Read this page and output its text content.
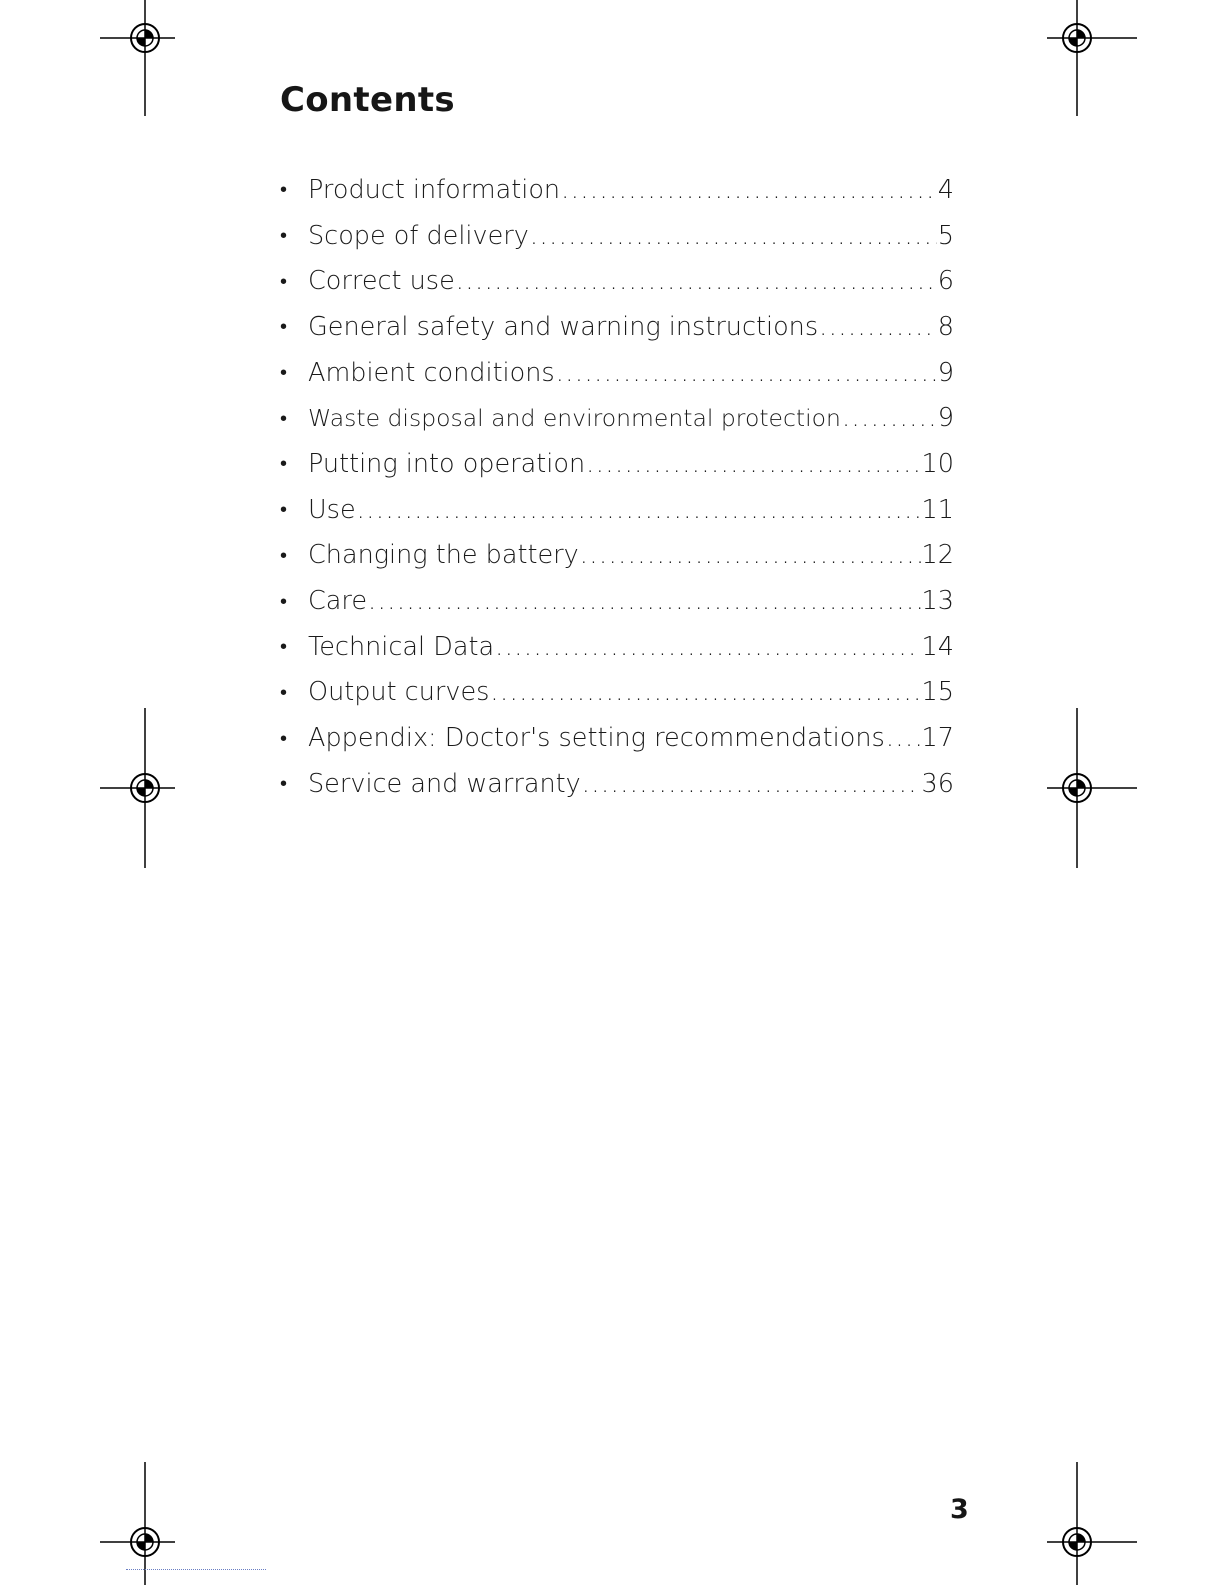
Contents
• Product information .....	4
• Scope of delivery .....	5
• Correct use .....	6
• General safety and warning instructions .....	8
• Ambient conditions .....	9
• Waste disposal and environmental protection .....	9
• Putting into operation .....	10
• Use .....	11
• Changing the battery .....	12
• Care .....	13
• Technical Data .....	14
• Output curves .....	15
• Appendix: Doctor's setting recommendations ..... 17
• Service and warranty .....	36

3
